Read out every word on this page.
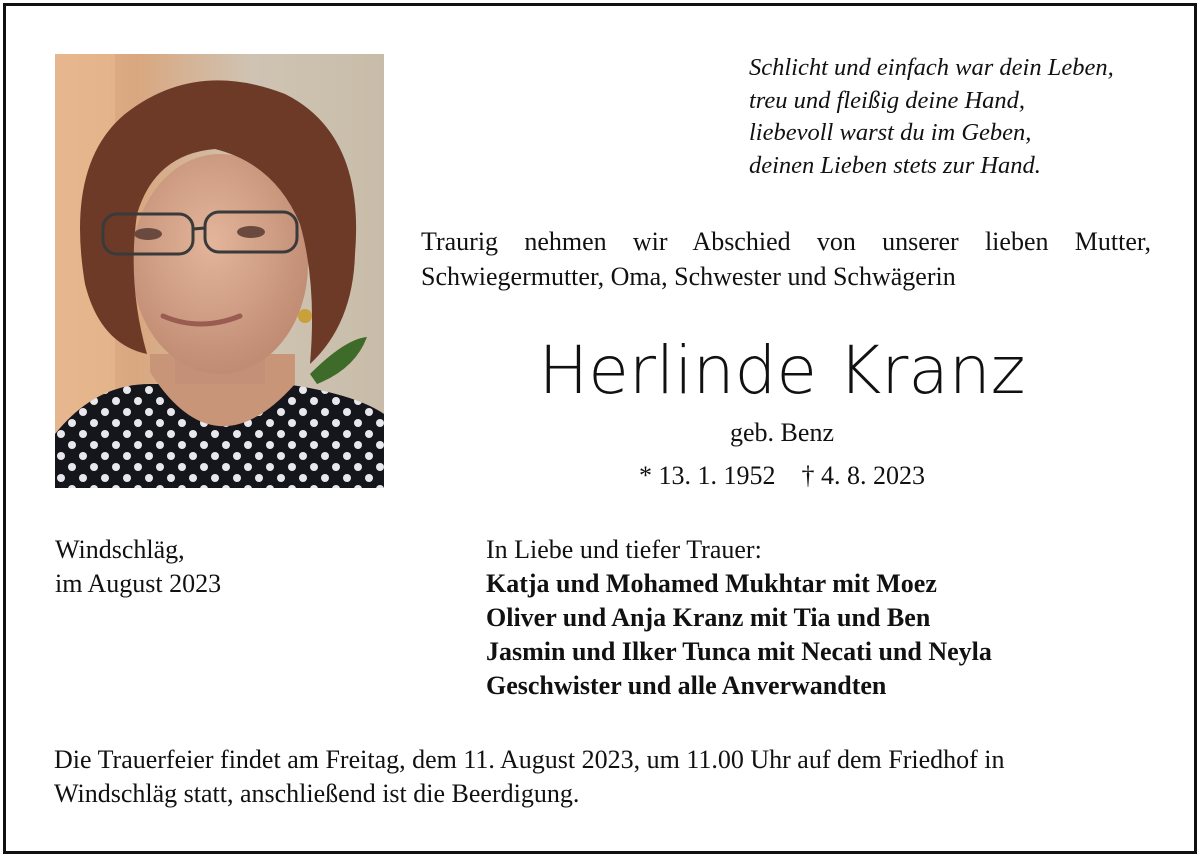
Schlicht und einfach war dein Leben,
treu und fleißig deine Hand,
liebevoll warst du im Geben,
deinen Lieben stets zur Hand.
Traurig nehmen wir Abschied von unserer lieben Mutter,
Schwiegermutter, Oma, Schwester und Schwägerin
Herlinde Kranz
geb. Benz
* 13. 1. 1952 † 4. 8. 2023
Windschläg,
im August 2023
In Liebe und tiefer Trauer:
Katja und Mohamed Mukhtar mit Moez
Oliver und Anja Kranz mit Tia und Ben
Jasmin und Ilker Tunca mit Necati und Neyla
Geschwister und alle Anverwandten
Die Trauerfeier findet am Freitag, dem 11. August 2023, um 11.00 Uhr auf dem Friedhof in
Windschläg statt, anschließend ist die Beerdigung.
